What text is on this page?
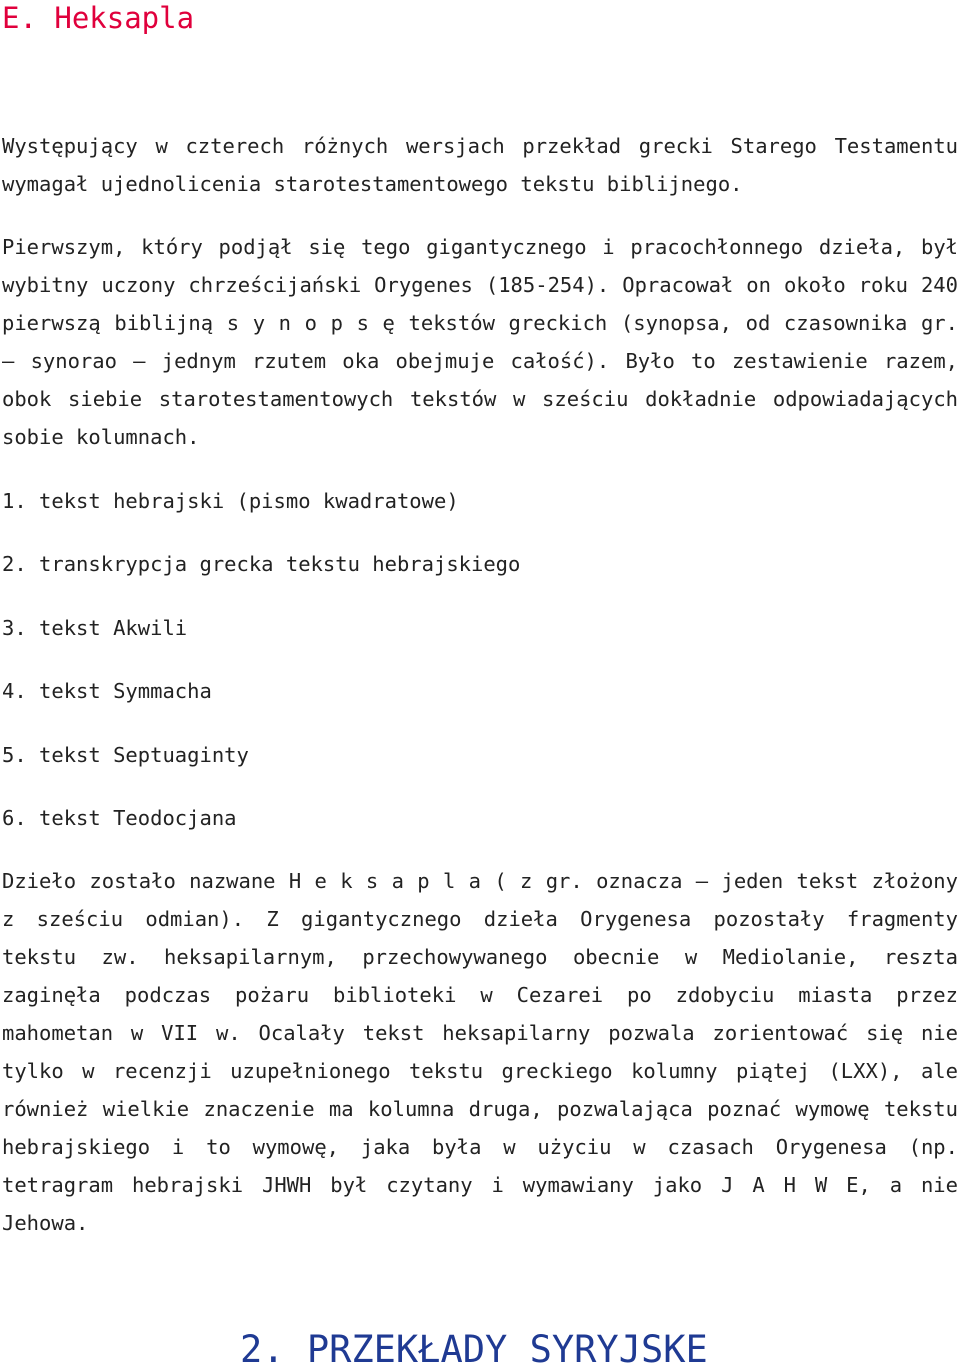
E. Heksapla

Występujący w czterech różnych wersjach przekład grecki Starego Testamentu wymagał ujednolicenia starotestamentowego tekstu biblijnego.

Pierwszym, który podjął się tego gigantycznego i pracochłonnego dzieła, był wybitny uczony chrześcijański Orygenes (185-254). Opracował on około roku 240 pierwszą biblijną s y n o p s ę tekstów greckich (synopsa, od czasownika gr. – synorao – jednym rzutem oka obejmuje całość). Było to zestawienie razem, obok siebie starotestamentowych tekstów w sześciu dokładnie odpowiadających sobie kolumnach.

1. tekst hebrajski (pismo kwadratowe)
2. transkrypcja grecka tekstu hebrajskiego
3. tekst Akwili
4. tekst Symmacha
5. tekst Septuaginty
6. tekst Teodocjana

Dzieło zostało nazwane H e k s a p l a ( z gr. oznacza – jeden tekst złożony z sześciu odmian). Z gigantycznego dzieła Orygenesa pozostały fragmenty tekstu zw. heksapilarnym, przechowywanego obecnie w Mediolanie, reszta zaginęła podczas pożaru biblioteki w Cezarei po zdobyciu miasta przez mahometan w VII w. Ocalały tekst heksapilarny pozwala zorientować się nie tylko w recenzji uzupełnionego tekstu greckiego kolumny piątej (LXX), ale również wielkie znaczenie ma kolumna druga, pozwalająca poznać wymowę tekstu hebrajskiego i to wymowę, jaka była w użyciu w czasach Orygenesa (np. tetragram hebrajski JHWH był czytany i wymawiany jako J A H W E, a nie Jehowa.

2. PRZEKŁADY SYRYJSKE
